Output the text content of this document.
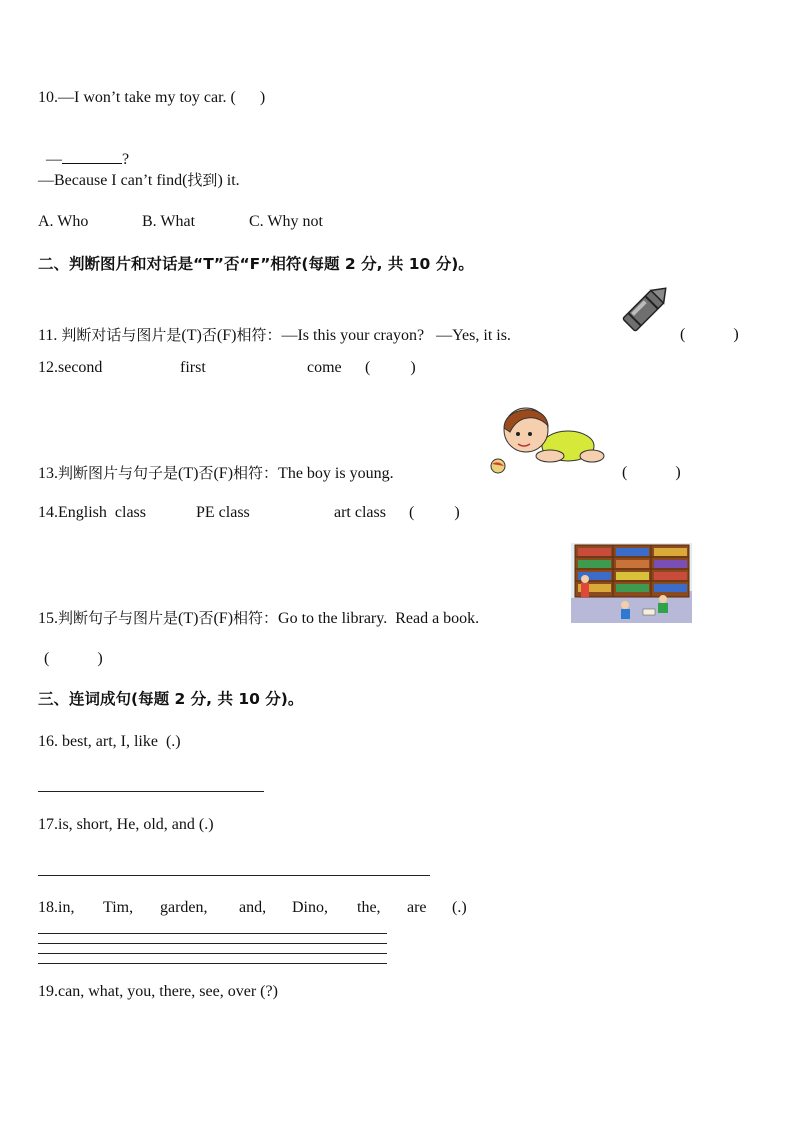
10.—I won’t take my toy car. (      )

—	?

—Because I can’t find(找到) it.
A. Who	B. What	C. Why not
二、判断图片和对话是“T”否“F”相符(每题 2 分, 共 10 分)。
11. 判断对话与图片是(T)否(F)相符：—Is this your crayon?   —Yes, it is.	(            )
12.second	first	come (          )
13.判断图片与句子是(T)否(F)相符：The boy is young.	(            )
14.English  class	PE class	art class (          )
15.判断句子与图片是(T)否(F)相符：Go to the library.  Read a book.
(            )
三、连词成句(每题 2 分, 共 10 分)。
16. best, art, I, like  (.)
17.is, short, He, old, and (.)
18.in, Tim, garden, and, Dino, the, are (.)
19.can, what, you, there, see, over (?)
